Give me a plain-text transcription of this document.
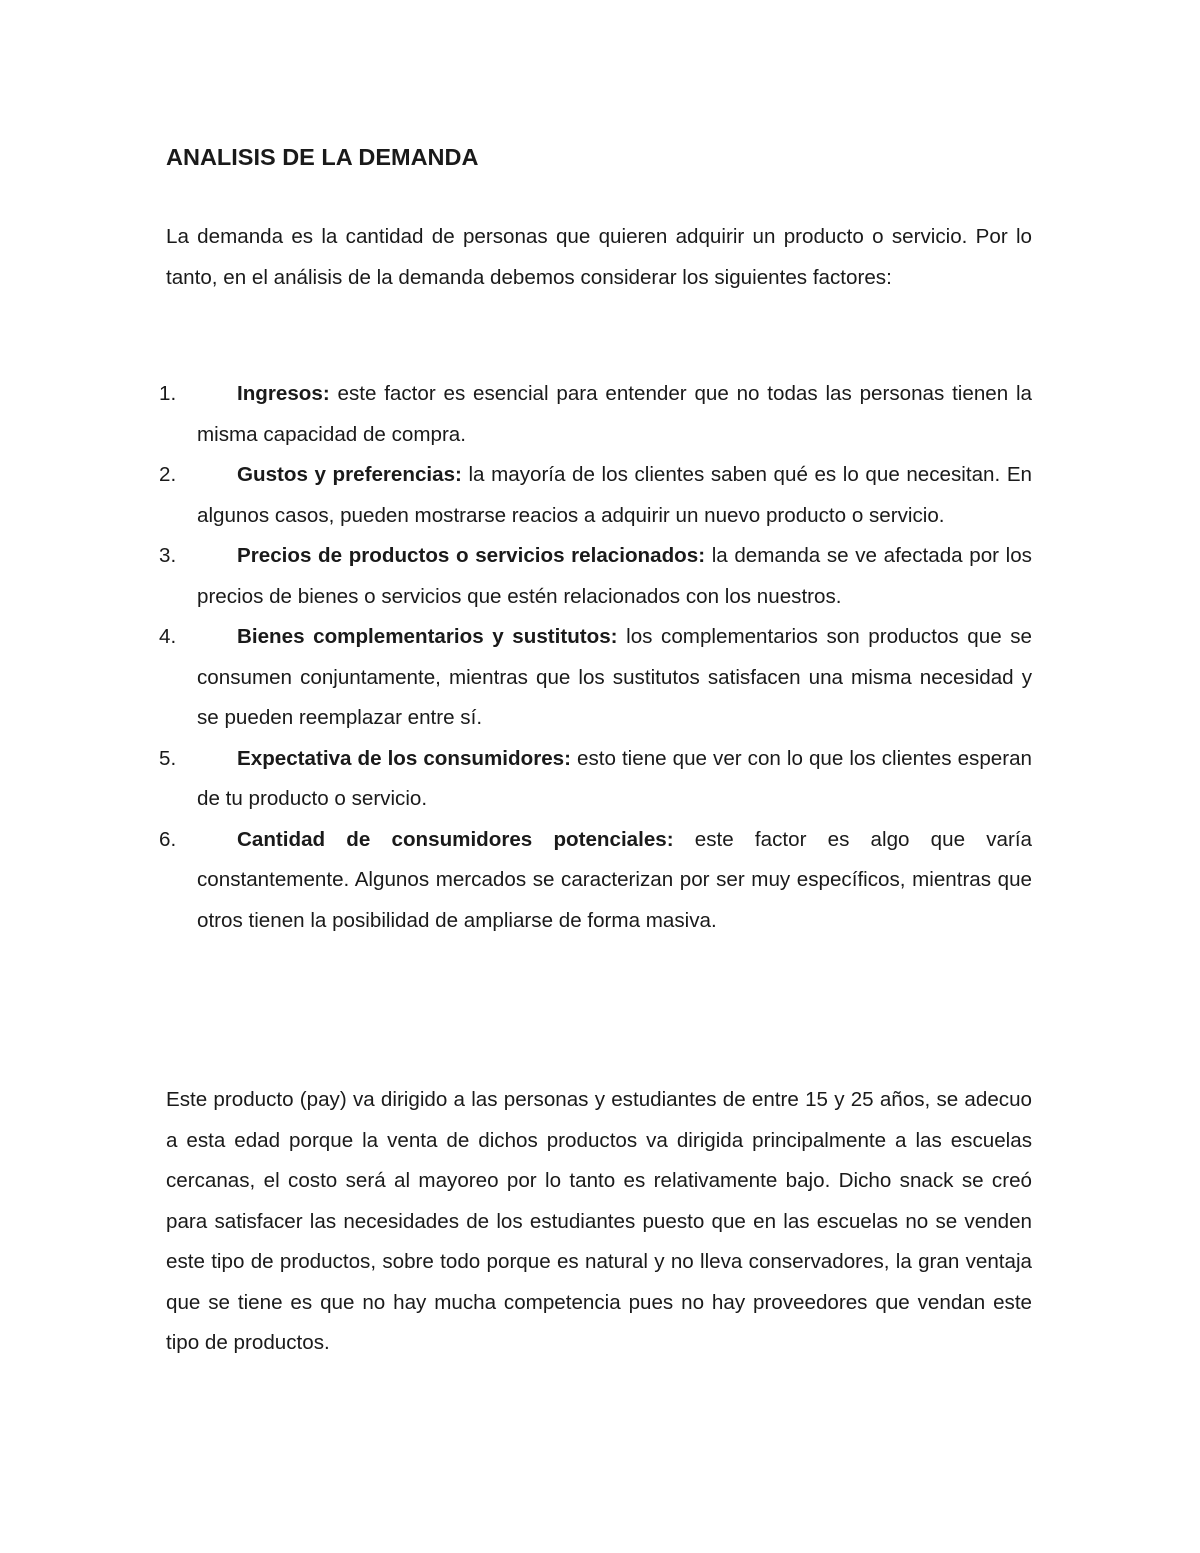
ANALISIS DE LA DEMANDA

La demanda es la cantidad de personas que quieren adquirir un producto o servicio. Por lo tanto, en el análisis de la demanda debemos considerar los siguientes factores:

1.	Ingresos: este factor es esencial para entender que no todas las personas tienen la misma capacidad de compra.
2.	Gustos y preferencias: la mayoría de los clientes saben qué es lo que necesitan. En algunos casos, pueden mostrarse reacios a adquirir un nuevo producto o servicio.
3.	Precios de productos o servicios relacionados: la demanda se ve afectada por los precios de bienes o servicios que estén relacionados con los nuestros.
4.	Bienes complementarios y sustitutos: los complementarios son productos que se consumen conjuntamente, mientras que los sustitutos satisfacen una misma necesidad y se pueden reemplazar entre sí.
5.	Expectativa de los consumidores: esto tiene que ver con lo que los clientes esperan de tu producto o servicio.
6.	Cantidad de consumidores potenciales: este factor es algo que varía constantemente. Algunos mercados se caracterizan por ser muy específicos, mientras que otros tienen la posibilidad de ampliarse de forma masiva.

Este producto (pay) va dirigido a las personas y estudiantes de entre 15 y 25 años, se adecuo a esta edad porque la venta de dichos productos va dirigida principalmente a las escuelas cercanas, el costo será al mayoreo por lo tanto es relativamente bajo. Dicho snack se creó para satisfacer las necesidades de los estudiantes puesto que en las escuelas no se venden este tipo de productos, sobre todo porque es natural y no lleva conservadores, la gran ventaja que se tiene es que no hay mucha competencia pues no hay proveedores que vendan este tipo de productos.
